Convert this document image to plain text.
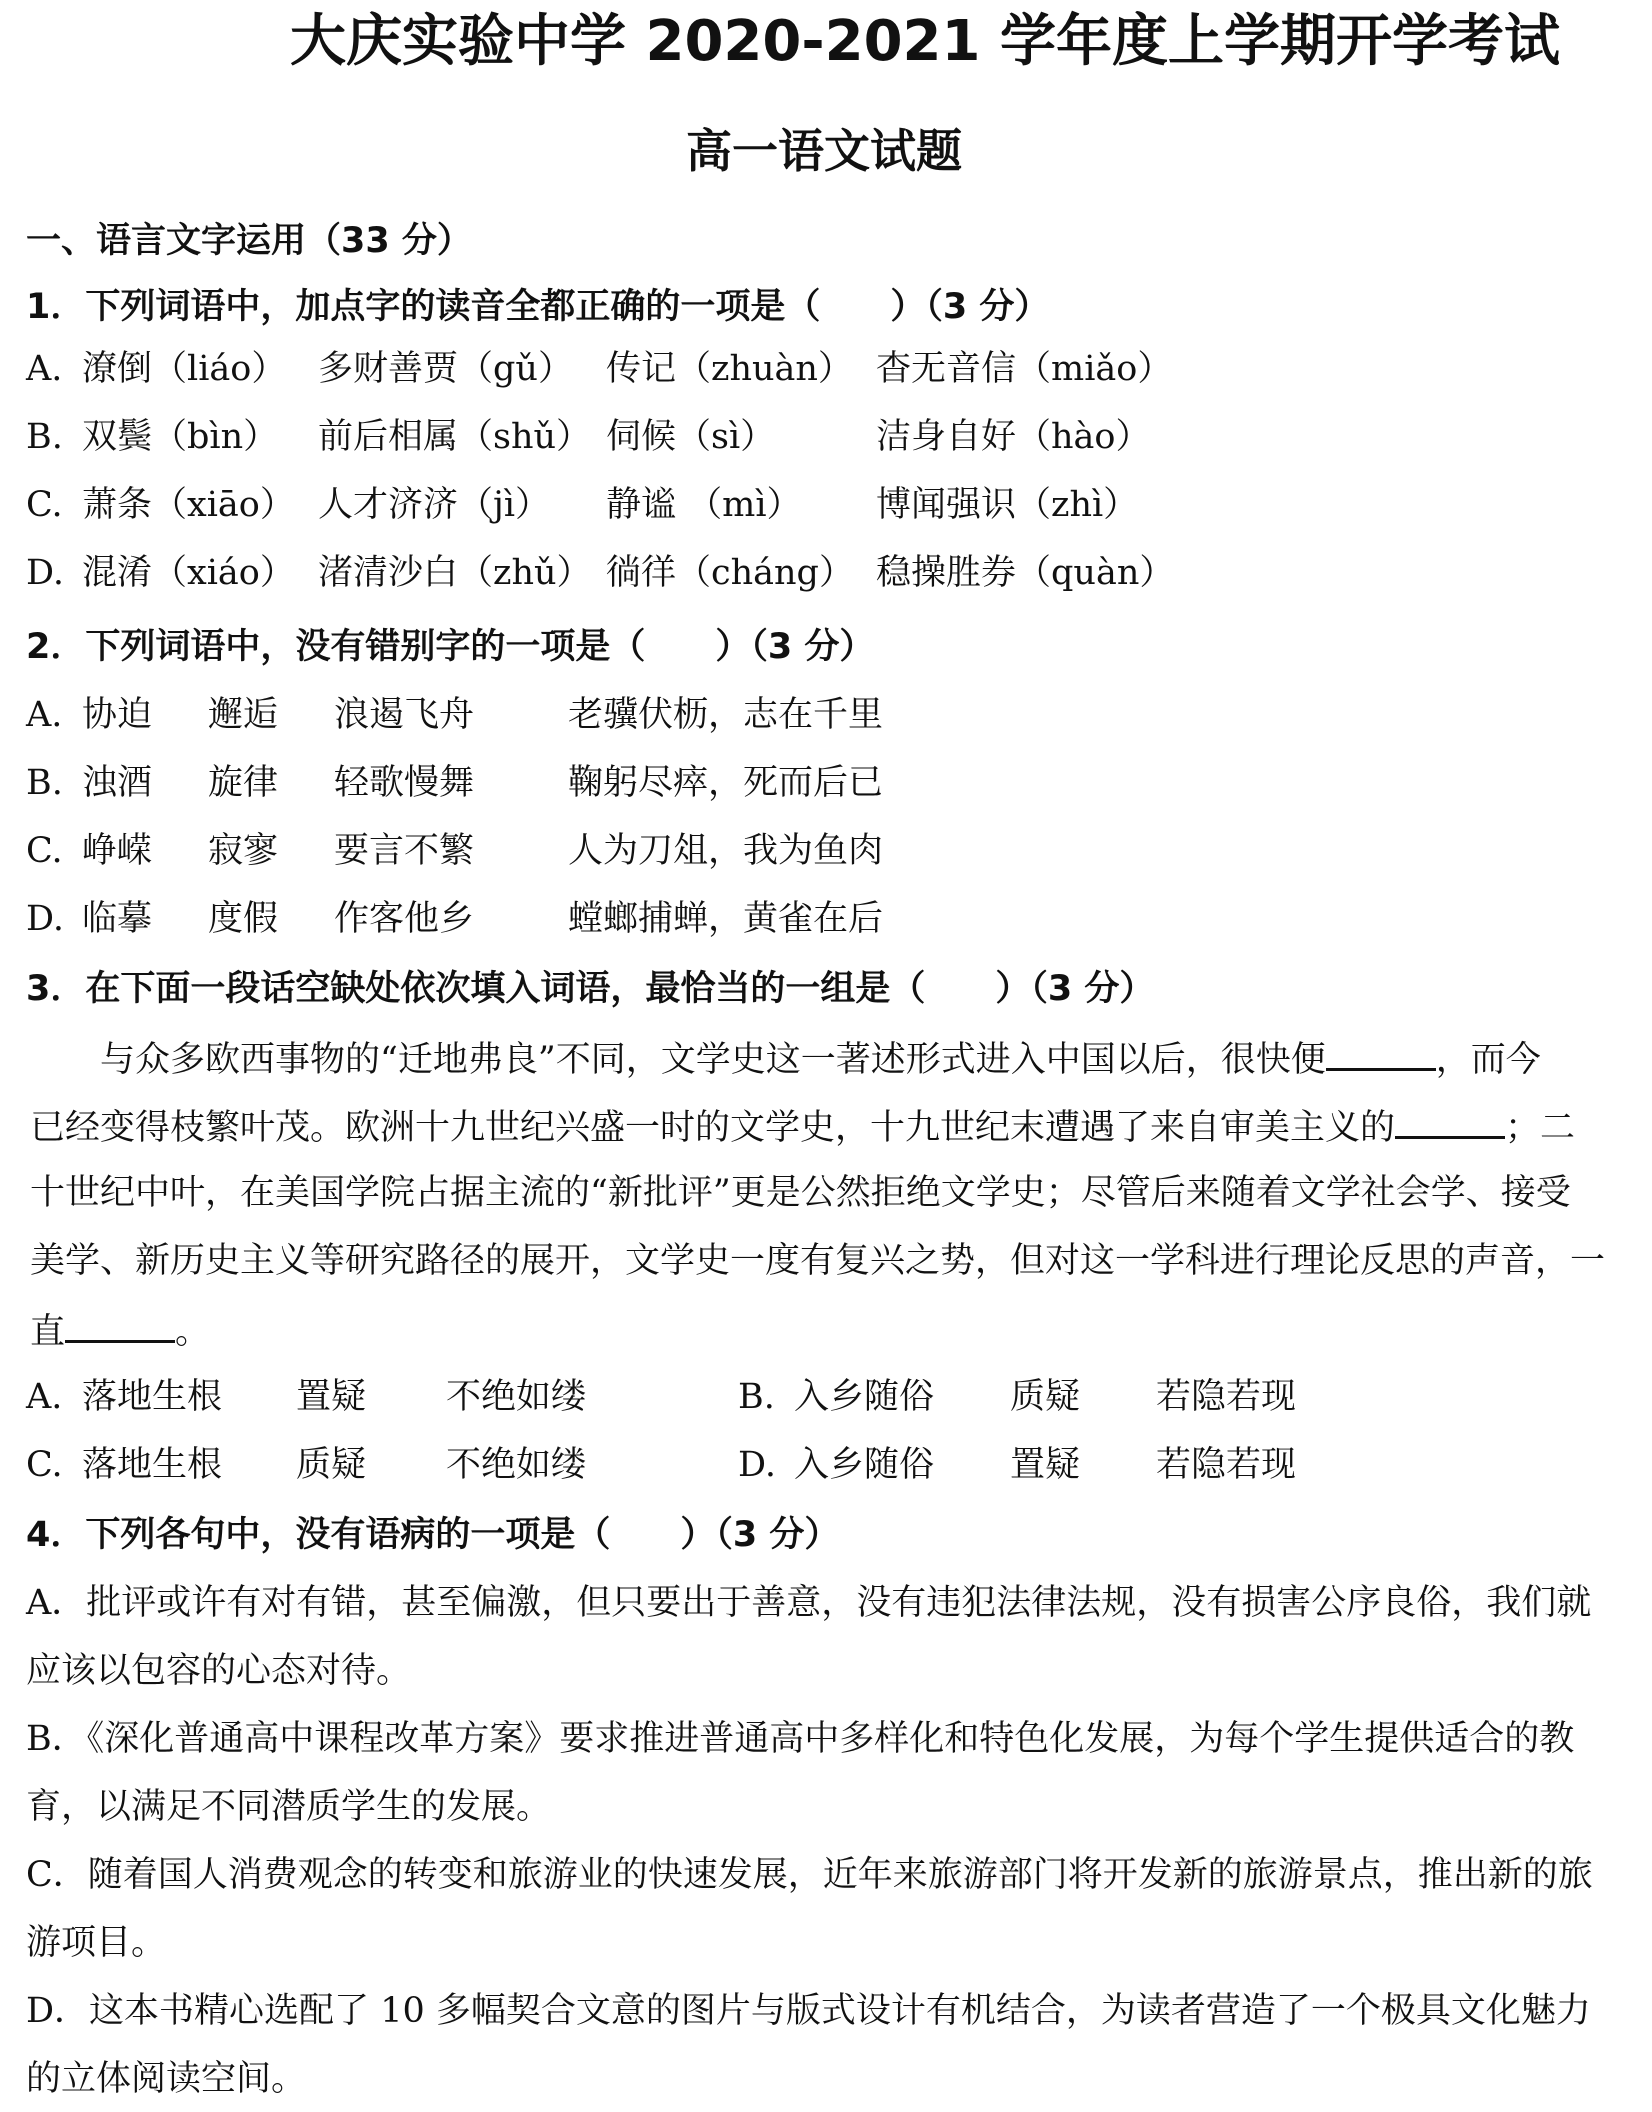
大庆实验中学 2020-2021 学年度上学期开学考试
高一语文试题
一、语言文字运用（33 分）
1．下列词语中，加点字的读音全都正确的一项是（　　）（3 分）
A. 潦倒（liáo） 多财善贾（gǔ） 传记（zhuàn） 杳无音信（miǎo）
B. 双鬓（bìn） 前后相属（shǔ） 伺候（sì）	洁身自好（hào）
C. 萧条（xiāo） 人才济济（jì） 静谧 （mì） 博闻强识（zhì）
D. 混淆（xiáo） 渚清沙白（zhǔ） 徜徉（cháng） 稳操胜券（quàn）
2．下列词语中，没有错别字的一项是（　　）（3 分）
A. 协迫 邂逅 浪遏飞舟	老骥伏枥，志在千里
B. 浊酒 旋律 轻歌慢舞	鞠躬尽瘁，死而后已
C. 峥嵘 寂寥 要言不繁	人为刀俎，我为鱼肉
D. 临摹 度假 作客他乡	螳螂捕蝉，黄雀在后
3．在下面一段话空缺处依次填入词语，最恰当的一组是（　　）（3 分）
与众多欧西事物的“迁地弗良”不同，文学史这一著述形式进入中国以后，很快便	，而今
已经变得枝繁叶茂。欧洲十九世纪兴盛一时的文学史，十九世纪末遭遇了来自审美主义的	；二
十世纪中叶，在美国学院占据主流的“新批评”更是公然拒绝文学史；尽管后来随着文学社会学、接受
美学、新历史主义等研究路径的展开，文学史一度有复兴之势，但对这一学科进行理论反思的声音，一
直	。
A. 落地生根 置疑 不绝如缕	B. 入乡随俗 质疑 若隐若现
C. 落地生根 质疑 不绝如缕	D. 入乡随俗 置疑 若隐若现
4．下列各句中，没有语病的一项是（　　）（3 分）
A．批评或许有对有错，甚至偏激，但只要出于善意，没有违犯法律法规，没有损害公序良俗，我们就
应该以包容的心态对待。
B．《深化普通高中课程改革方案》要求推进普通高中多样化和特色化发展，为每个学生提供适合的教
育，以满足不同潜质学生的发展。
C．随着国人消费观念的转变和旅游业的快速发展，近年来旅游部门将开发新的旅游景点，推出新的旅
游项目。
D．这本书精心选配了 10 多幅契合文意的图片与版式设计有机结合，为读者营造了一个极具文化魅力
的立体阅读空间。
